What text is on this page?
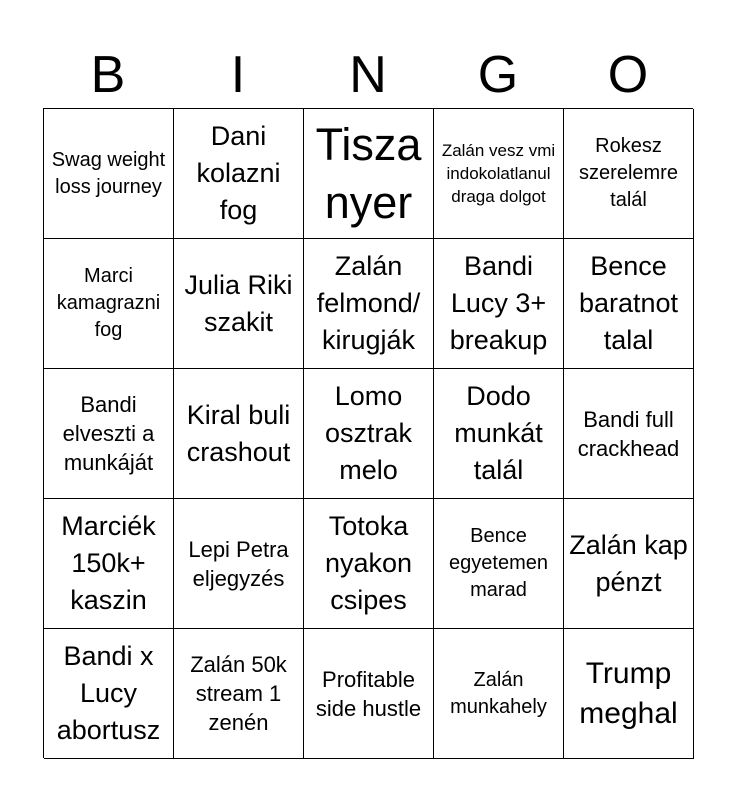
B	I	N	G	O
Swag weight loss journey
Dani kolazni fog
Tisza nyer
Zalán vesz vmi indokolatlanul draga dolgot
Rokesz szerelemre talál
Marci kamagrazni fog
Julia Riki szakit
Zalán felmond/ kirugják
Bandi Lucy 3+ breakup
Bence baratnot talal
Bandi elveszti a munkáját
Kiral buli crashout
Lomo osztrak melo
Dodo munkát talál
Bandi full crackhead
Marciék 150k+ kaszin
Lepi Petra eljegyzés
Totoka nyakon csipes
Bence egyetemen marad
Zalán kap pénzt
Bandi x Lucy abortusz
Zalán 50k stream 1 zenén
Profitable side hustle
Zalán munkahely
Trump meghal
